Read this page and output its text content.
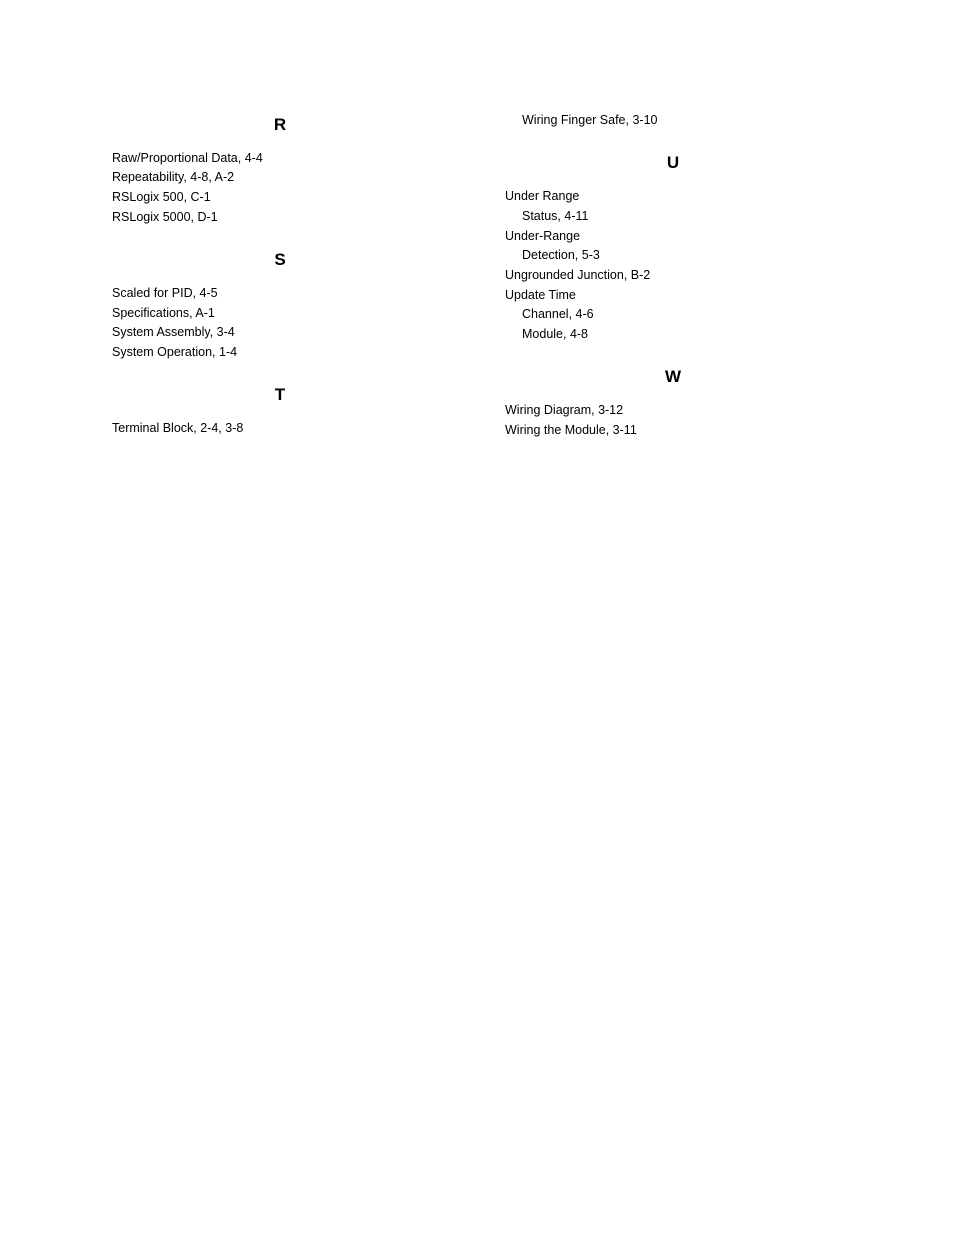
R
Raw/Proportional Data, 4-4
Repeatability, 4-8, A-2
RSLogix 500, C-1
RSLogix 5000, D-1
S
Scaled for PID, 4-5
Specifications, A-1
System Assembly, 3-4
System Operation, 1-4
T
Terminal Block, 2-4, 3-8
Wiring Finger Safe, 3-10
U
Under Range
Status, 4-11
Under-Range
Detection, 5-3
Ungrounded Junction, B-2
Update Time
Channel, 4-6
Module, 4-8
W
Wiring Diagram, 3-12
Wiring the Module, 3-11
